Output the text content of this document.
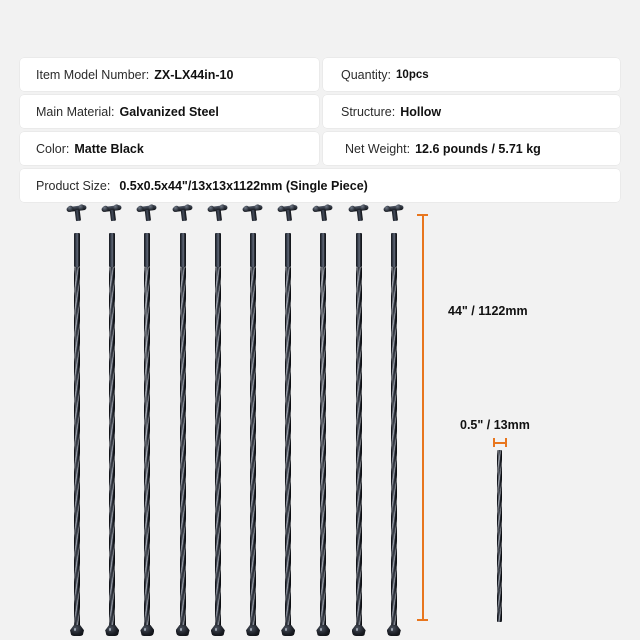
Item Model Number: ZX-LX44in-10	Quantity: 10pcs
Main Material: Galvanized Steel	Structure: Hollow
Color: Matte Black	Net Weight: 12.6 pounds / 5.71 kg
Product Size: 0.5x0.5x44"/13x13x1122mm (Single Piece)
44" / 1122mm
0.5" / 13mm
